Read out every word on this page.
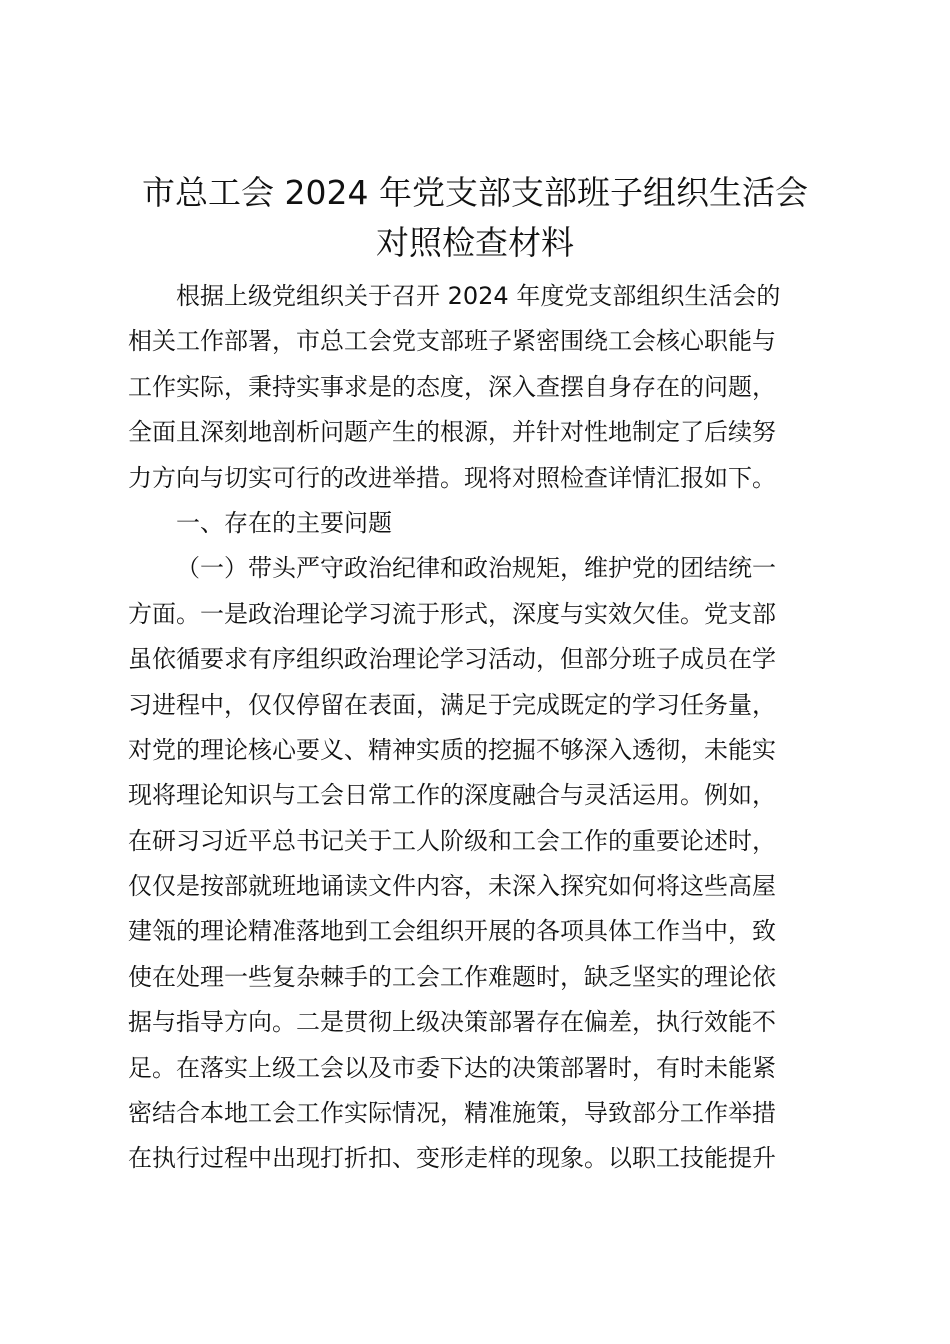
市总工会 2024 年党支部支部班子组织生活会
对照检查材料
根据上级党组织关于召开 2024 年度党支部组织生活会的
相关工作部署，市总工会党支部班子紧密围绕工会核心职能与
工作实际，秉持实事求是的态度，深入查摆自身存在的问题，
全面且深刻地剖析问题产生的根源，并针对性地制定了后续努
力方向与切实可行的改进举措。现将对照检查详情汇报如下。
一、存在的主要问题
（一）带头严守政治纪律和政治规矩，维护党的团结统一
方面。一是政治理论学习流于形式，深度与实效欠佳。党支部
虽依循要求有序组织政治理论学习活动，但部分班子成员在学
习进程中，仅仅停留在表面，满足于完成既定的学习任务量，
对党的理论核心要义、精神实质的挖掘不够深入透彻，未能实
现将理论知识与工会日常工作的深度融合与灵活运用。例如，
在研习习近平总书记关于工人阶级和工会工作的重要论述时，
仅仅是按部就班地诵读文件内容，未深入探究如何将这些高屋
建瓴的理论精准落地到工会组织开展的各项具体工作当中，致
使在处理一些复杂棘手的工会工作难题时，缺乏坚实的理论依
据与指导方向。二是贯彻上级决策部署存在偏差，执行效能不
足。在落实上级工会以及市委下达的决策部署时，有时未能紧
密结合本地工会工作实际情况，精准施策，导致部分工作举措
在执行过程中出现打折扣、变形走样的现象。以职工技能提升
